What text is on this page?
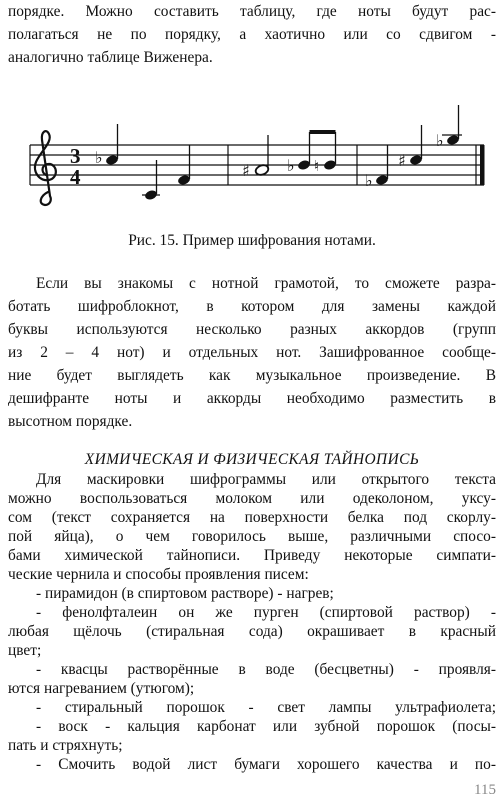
порядке. Можно составить таблицу, где ноты будут рас-
полагаться не по порядку, а хаотично или со сдвигом -
аналогично таблице Виженера.
3
4
♭
♯ ♭ ♮
♭
♯
♭
Рис. 15. Пример шифрования нотами.
Если вы знакомы с нотной грамотой, то сможете разра-
ботать шифроблокнот, в котором для замены каждой
буквы используются несколько разных аккордов (групп
из 2 – 4 нот) и отдельных нот. Зашифрованное сообще-
ние будет выглядеть как музыкальное произведение. В
дешифранте ноты и аккорды необходимо разместить в
высотном порядке.
ХИМИЧЕСКАЯ И ФИЗИЧЕСКАЯ ТАЙНОПИСЬ
Для маскировки шифрограммы или открытого текста
можно воспользоваться молоком или одеколоном, уксу-
сом (текст сохраняется на поверхности белка под скорлу-
пой яйца), о чем говорилось выше, различными спосо-
бами химической тайнописи. Приведу некоторые симпати-
ческие чернила и способы проявления писем:
- пирамидон (в спиртовом растворе) - нагрев;
- фенолфталеин он же пурген (спиртовой раствор) -
любая щёлочь (стиральная сода) окрашивает в красный
цвет;
- квасцы растворённые в воде (бесцветны) - проявля-
ются нагреванием (утюгом);
- стиральный порошок - свет лампы ультрафиолета;
- воск - кальция карбонат или зубной порошок (посы-
пать и стряхнуть;
- Смочить водой лист бумаги хорошего качества и по-
115
